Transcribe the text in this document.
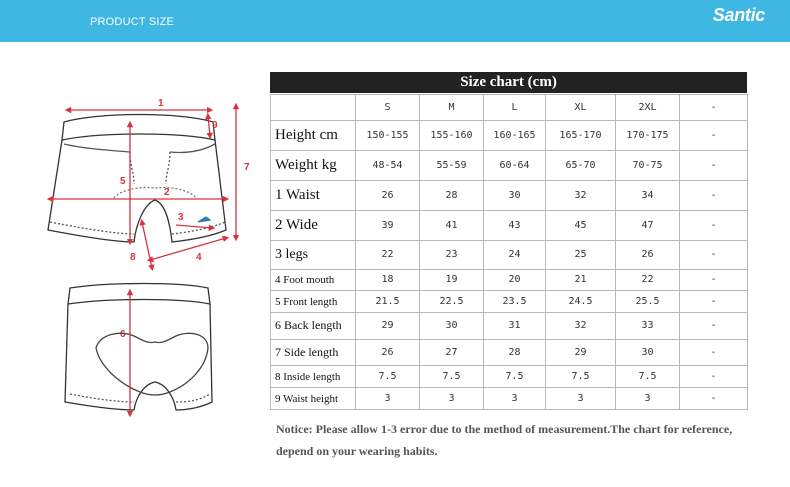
PRODUCT SIZE	Santic
1
2
3
4
5
6
7
8
9
Size chart (cm)
	S	M	L	XL	2XL	-
Height cm	150-155	155-160	160-165	165-170	170-175	-
Weight kg	48-54	55-59	60-64	65-70	70-75	-
1 Waist	26	28	30	32	34	-
2 Wide	39	41	43	45	47	-
3 legs	22	23	24	25	26	-
4 Foot mouth	18	19	20	21	22	-
5 Front length	21.5	22.5	23.5	24.5	25.5	-
6 Back length	29	30	31	32	33	-
7 Side length	26	27	28	29	30	-
8 Inside length	7.5	7.5	7.5	7.5	7.5	-
9 Waist height	3	3	3	3	3	-
Notice: Please allow 1-3 error due to the method of measurement.The chart for reference,
depend on your wearing habits.
